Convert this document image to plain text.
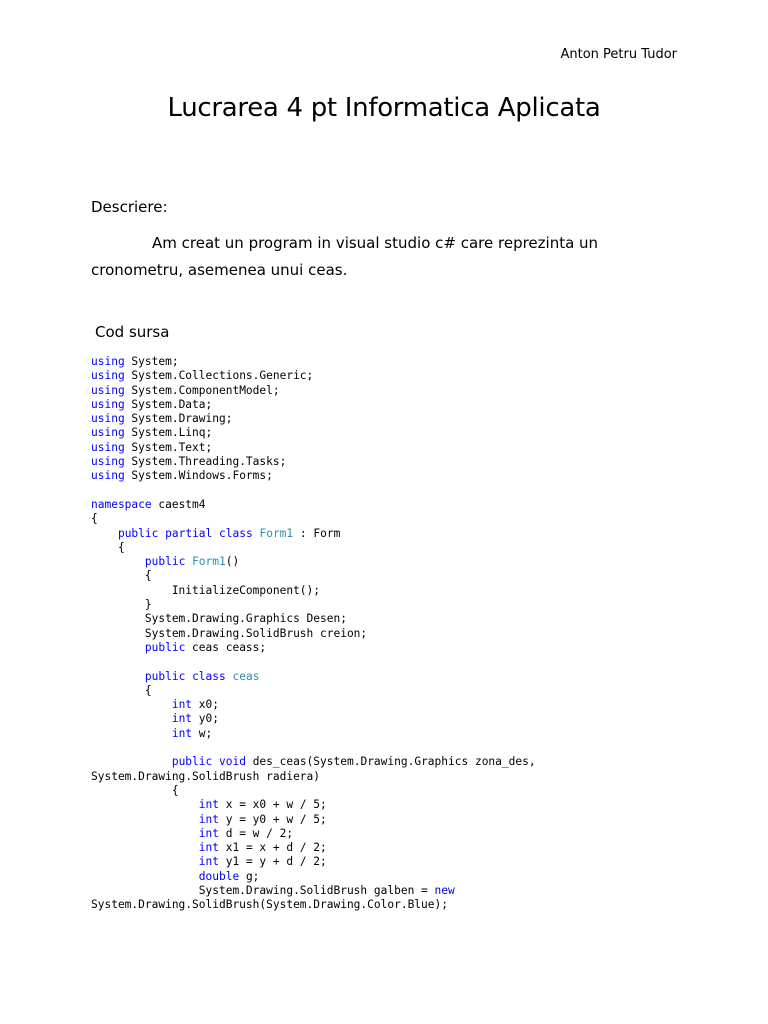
Anton Petru Tudor
Lucrarea 4 pt Informatica Aplicata
Descriere:

Am creat un program in visual studio c# care reprezinta un cronometru, asemenea unui ceas.

Cod sursa
using System;
using System.Collections.Generic;
using System.ComponentModel;
using System.Data;
using System.Drawing;
using System.Linq;
using System.Text;
using System.Threading.Tasks;
using System.Windows.Forms;

namespace caestm4
{
public partial class Form1 : Form
{
public Form1()
{
InitializeComponent();
}
System.Drawing.Graphics Desen;
System.Drawing.SolidBrush creion;
public ceas ceass;

public class ceas
{
int x0;
int y0;
int w;

public void des_ceas(System.Drawing.Graphics zona_des,
System.Drawing.SolidBrush radiera)
{
int x = x0 + w / 5;
int y = y0 + w / 5;
int d = w / 2;
int x1 = x + d / 2;
int y1 = y + d / 2;
double g;
System.Drawing.SolidBrush galben = new
System.Drawing.SolidBrush(System.Drawing.Color.Blue);
